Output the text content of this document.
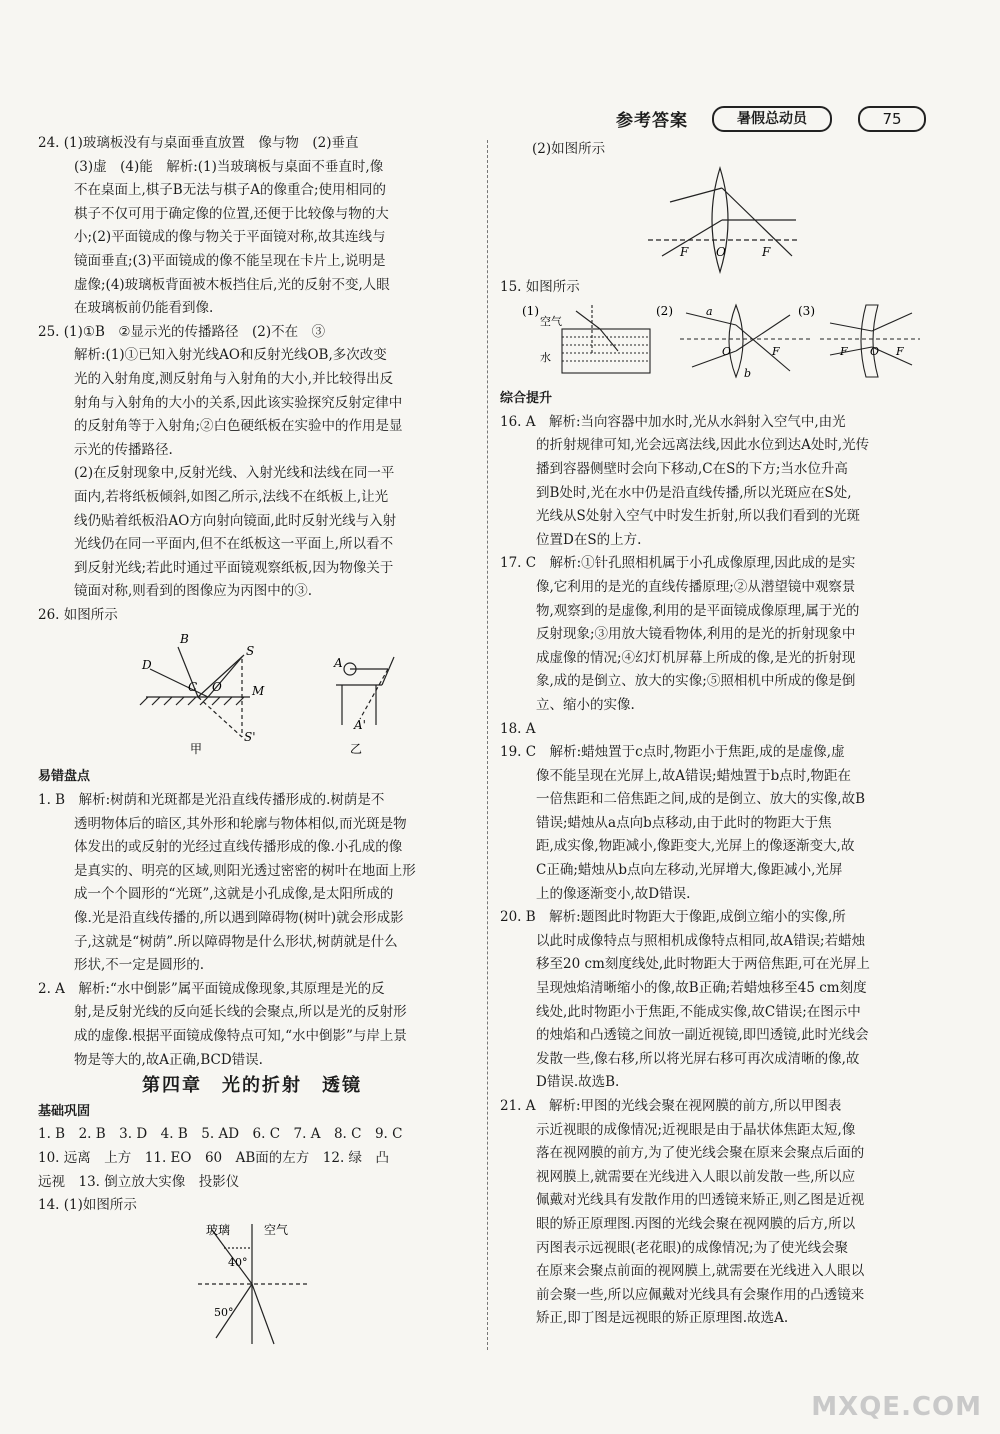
参考答案	暑假总动员	75

24. (1)玻璃板没有与桌面垂直放置　像与物　(2)垂直

(3)虚　(4)能　解析:(1)当玻璃板与桌面不垂直时,像

不在桌面上,棋子B无法与棋子A的像重合;使用相同的

棋子不仅可用于确定像的位置,还便于比较像与物的大

小;(2)平面镜成的像与物关于平面镜对称,故其连线与

镜面垂直;(3)平面镜成的像不能呈现在卡片上,说明是

虚像;(4)玻璃板背面被木板挡住后,光的反射不变,人眼

在玻璃板前仍能看到像.

25. (1)①B　②显示光的传播路径　(2)不在　③

解析:(1)①已知入射光线AO和反射光线OB,多次改变

光的入射角度,测反射角与入射角的大小,并比较得出反

射角与入射角的大小的关系,因此该实验探究反射定律中

的反射角等于入射角;②白色硬纸板在实验中的作用是显

示光的传播路径.

(2)在反射现象中,反射光线、入射光线和法线在同一平

面内,若将纸板倾斜,如图乙所示,法线不在纸板上,让光

线仍贴着纸板沿AO方向射向镜面,此时反射光线与入射

光线仍在同一平面内,但不在纸板这一平面上,所以看不

到反射光线;若此时通过平面镜观察纸板,因为物像关于

镜面对称,则看到的图像应为丙图中的③.

26. 如图所示

B
D
S
C O	M
S'
A
A'
甲	乙

易错盘点

1. B　解析:树荫和光斑都是光沿直线传播形成的.树荫是不

透明物体后的暗区,其外形和轮廓与物体相似,而光斑是物

体发出的或反射的光经过直线传播形成的像.小孔成的像

是真实的、明亮的区域,则阳光透过密密的树叶在地面上形

成一个个圆形的“光斑”,这就是小孔成像,是太阳所成的

像.光是沿直线传播的,所以遇到障碍物(树叶)就会形成影

子,这就是“树荫”.所以障碍物是什么形状,树荫就是什么

形状,不一定是圆形的.

2. A　解析:“水中倒影”属平面镜成像现象,其原理是光的反

射,是反射光线的反向延长线的会聚点,所以是光的反射形

成的虚像.根据平面镜成像特点可知,“水中倒影”与岸上景

物是等大的,故A正确,BCD错误.

第四章　光的折射　透镜

基础巩固

1. B　2. B　3. D　4. B　5. AD　6. C　7. A　8. C　9. C

10. 远离　上方　11. EO　60　AB面的左方　12. 绿　凸

远视　13. 倒立放大实像　投影仪

14. (1)如图所示

玻璃	空气
40°
50°

(2)如图所示

F O	F

15. 如图所示

(1)
空气
水
(2)	a
b
O	F
(3)
F O F

综合提升

16. A　解析:当向容器中加水时,光从水斜射入空气中,由光

的折射规律可知,光会远离法线,因此水位到达A处时,光传

播到容器侧壁时会向下移动,C在S的下方;当水位升高

到B处时,光在水中仍是沿直线传播,所以光斑应在S处,

光线从S处射入空气中时发生折射,所以我们看到的光斑

位置D在S的上方.

17. C　解析:①针孔照相机属于小孔成像原理,因此成的是实

像,它利用的是光的直线传播原理;②从潜望镜中观察景

物,观察到的是虚像,利用的是平面镜成像原理,属于光的

反射现象;③用放大镜看物体,利用的是光的折射现象中

成虚像的情况;④幻灯机屏幕上所成的像,是光的折射现

象,成的是倒立、放大的实像;⑤照相机中所成的像是倒

立、缩小的实像.

18. A

19. C　解析:蜡烛置于c点时,物距小于焦距,成的是虚像,虚

像不能呈现在光屏上,故A错误;蜡烛置于b点时,物距在

一倍焦距和二倍焦距之间,成的是倒立、放大的实像,故B

错误;蜡烛从a点向b点移动,由于此时的物距大于焦

距,成实像,物距减小,像距变大,光屏上的像逐渐变大,故

C正确;蜡烛从b点向左移动,光屏增大,像距减小,光屏

上的像逐渐变小,故D错误.

20. B　解析:题图此时物距大于像距,成倒立缩小的实像,所

以此时成像特点与照相机成像特点相同,故A错误;若蜡烛

移至20 cm刻度线处,此时物距大于两倍焦距,可在光屏上

呈现烛焰清晰缩小的像,故B正确;若蜡烛移至45 cm刻度

线处,此时物距小于焦距,不能成实像,故C错误;在图示中

的烛焰和凸透镜之间放一副近视镜,即凹透镜,此时光线会

发散一些,像右移,所以将光屏右移可再次成清晰的像,故

D错误.故选B.

21. A　解析:甲图的光线会聚在视网膜的前方,所以甲图表

示近视眼的成像情况;近视眼是由于晶状体焦距太短,像

落在视网膜的前方,为了使光线会聚在原来会聚点后面的

视网膜上,就需要在光线进入人眼以前发散一些,所以应

佩戴对光线具有发散作用的凹透镜来矫正,则乙图是近视

眼的矫正原理图.丙图的光线会聚在视网膜的后方,所以

丙图表示远视眼(老花眼)的成像情况;为了使光线会聚

在原来会聚点前面的视网膜上,就需要在光线进入人眼以

前会聚一些,所以应佩戴对光线具有会聚作用的凸透镜来

矫正,即丁图是远视眼的矫正原理图.故选A.

MXQE.COM
